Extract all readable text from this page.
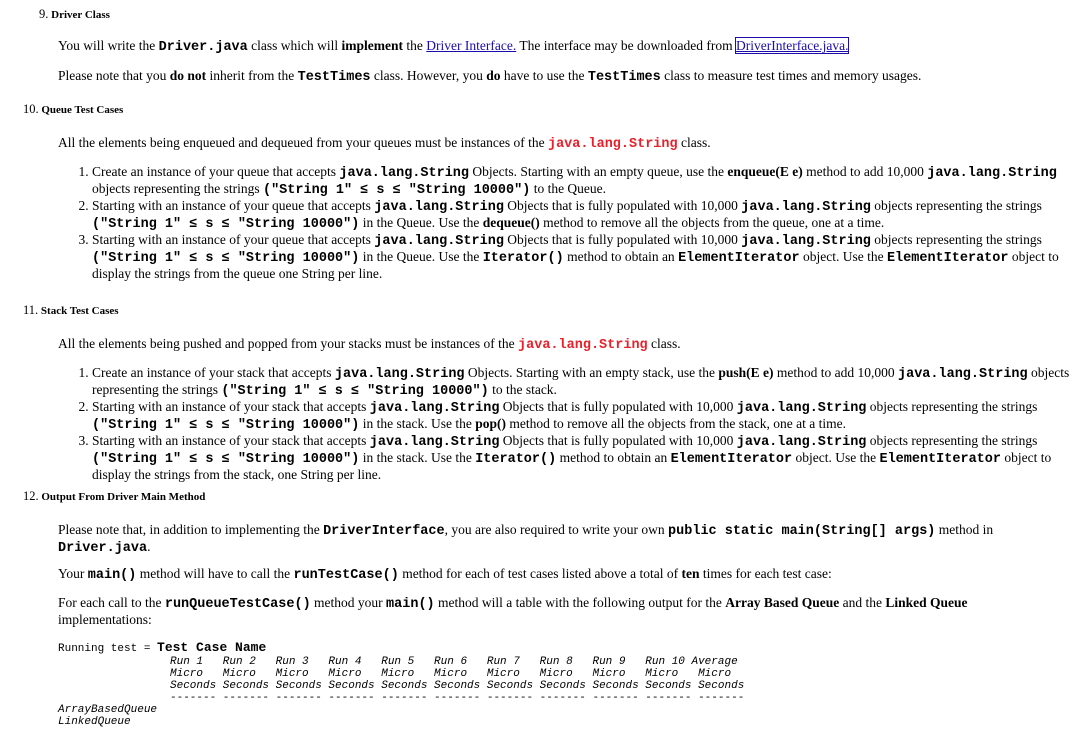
9. Driver Class
You will write the Driver.java class which will implement the Driver Interface. The interface may be downloaded from DriverInterface.java.
Please note that you do not inherit from the TestTimes class. However, you do have to use the TestTimes class to measure test times and memory usages.
10. Queue Test Cases
All the elements being enqueued and dequeued from your queues must be instances of the java.lang.String class.
1. Create an instance of your queue that accepts java.lang.String Objects. Starting with an empty queue, use the enqueue(E e) method to add 10,000 java.lang.String objects representing the strings ("String 1" ≤ s ≤ "String 10000") to the Queue.
2. Starting with an instance of your queue that accepts java.lang.String Objects that is fully populated with 10,000 java.lang.String objects representing the strings ("String 1" ≤ s ≤ "String 10000") in the Queue. Use the dequeue() method to remove all the objects from the queue, one at a time.
3. Starting with an instance of your queue that accepts java.lang.String Objects that is fully populated with 10,000 java.lang.String objects representing the strings ("String 1" ≤ s ≤ "String 10000") in the Queue. Use the Iterator() method to obtain an ElementIterator object. Use the ElementIterator object to display the strings from the queue one String per line.
11. Stack Test Cases
All the elements being pushed and popped from your stacks must be instances of the java.lang.String class.
1. Create an instance of your stack that accepts java.lang.String Objects. Starting with an empty stack, use the push(E e) method to add 10,000 java.lang.String objects representing the strings ("String 1" ≤ s ≤ "String 10000") to the stack.
2. Starting with an instance of your stack that accepts java.lang.String Objects that is fully populated with 10,000 java.lang.String objects representing the strings ("String 1" ≤ s ≤ "String 10000") in the stack. Use the pop() method to remove all the objects from the stack, one at a time.
3. Starting with an instance of your stack that accepts java.lang.String Objects that is fully populated with 10,000 java.lang.String objects representing the strings ("String 1" ≤ s ≤ "String 10000") in the stack. Use the Iterator() method to obtain an ElementIterator object. Use the ElementIterator object to display the strings from the stack, one String per line.
12. Output From Driver Main Method
Please note that, in addition to implementing the DriverInterface, you are also required to write your own public static main(String[] args) method in Driver.java.
Your main() method will have to call the runTestCase() method for each of test cases listed above a total of ten times for each test case:
For each call to the runQueueTestCase() method your main() method will a table with the following output for the Array Based Queue and the Linked Queue implementations:
Running test = Test Case Name
Run 1   Run 2   Run 3   Run 4   Run 5   Run 6   Run 7   Run 8   Run 9   Run 10 Average
Micro   Micro   Micro   Micro   Micro   Micro   Micro   Micro   Micro   Micro   Micro
Seconds Seconds Seconds Seconds Seconds Seconds Seconds Seconds Seconds Seconds Seconds
------- ------- ------- ------- ------- ------- ------- ------- ------- ------- -------
ArrayBasedQueue
LinkedQueue
